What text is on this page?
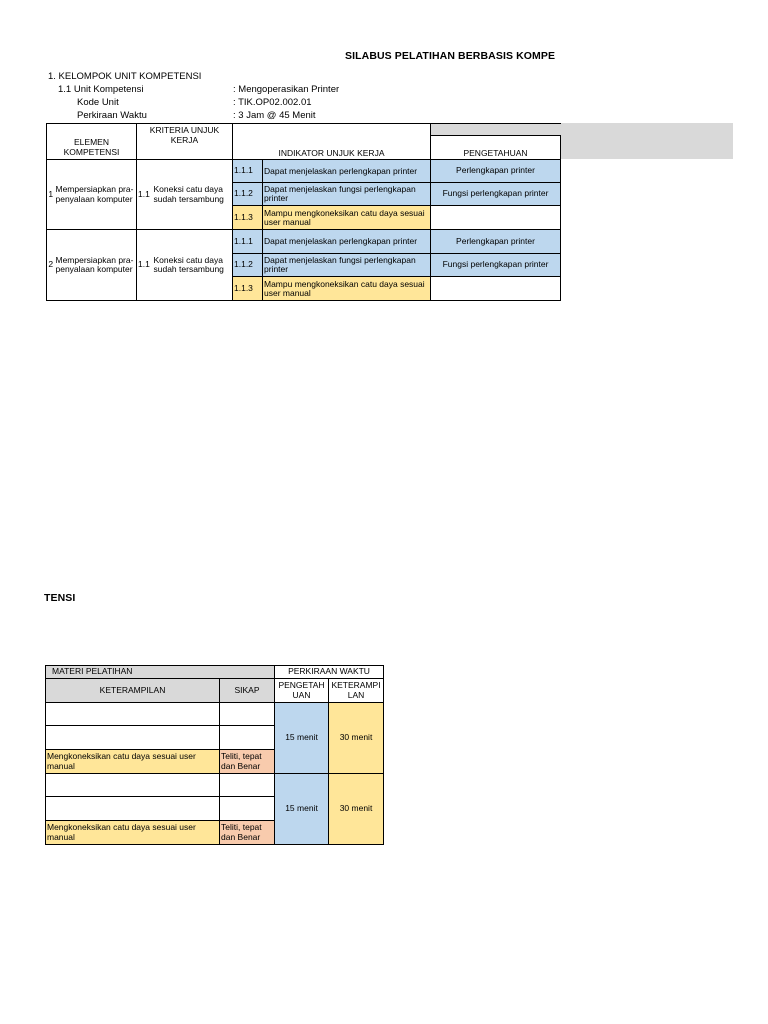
SILABUS PELATIHAN BERBASIS KOMPE
1. KELOMPOK UNIT KOMPETENSI
1.1 Unit Kompetensi	: Mengoperasikan Printer
Kode Unit	: TIK.OP02.002.01
Perkiraan Waktu	: 3 Jam @ 45 Menit
ELEMEN KOMPETENSI		KRITERIA UNJUK KERJA		INDIKATOR UNJUK KERJA		
						PENGETAHUAN
1	Mempersiapkan pra- penyalaan komputer	1.1	Koneksi catu daya sudah tersambung	1.1.1	Dapat menjelaskan perlengkapan printer	Perlengkapan printer
				1.1.2	Dapat menjelaskan fungsi perlengkapan printer	Fungsi perlengkapan printer
				1.1.3	Mampu mengkoneksikan catu daya sesuai user manual	
2	Mempersiapkan pra- penyalaan komputer	1.1	Koneksi catu daya sudah tersambung	1.1.1	Dapat menjelaskan perlengkapan printer	Perlengkapan printer
				1.1.2	Dapat menjelaskan fungsi perlengkapan printer	Fungsi perlengkapan printer
				1.1.3	Mampu mengkoneksikan catu daya sesuai user manual	
TENSI
MATERI PELATIHAN		PERKIRAAN WAKTU	
KETERAMPILAN	SIKAP	PENGETAHUAN	KETERAMPILAN
		15 menit	30 menit

Mengkoneksikan catu daya sesuai user manual	Teliti, tepat dan Benar		
		15 menit	30 menit

Mengkoneksikan catu daya sesuai user manual	Teliti, tepat dan Benar		
